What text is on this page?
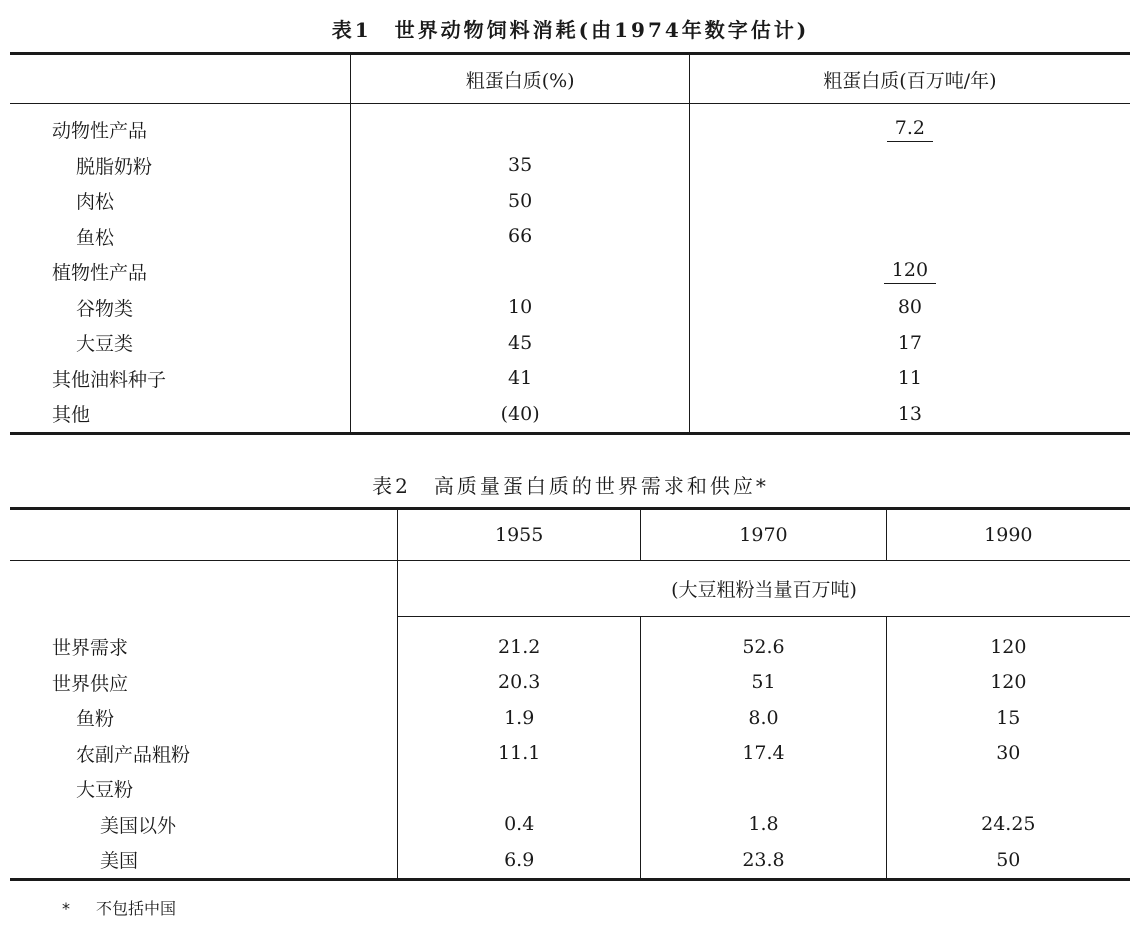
表1　世界动物饲料消耗(由1974年数字估计)
	粗蛋白质(%)	粗蛋白质(百万吨/年)
动物性产品		7.2
脱脂奶粉	35	
肉松	50	
鱼松	66	
植物性产品		120
谷物类	10	80
大豆类	45	17
其他油料种子	41	11
其他	(40)	13
表2　高质量蛋白质的世界需求和供应*
	1955	1970	1990
	(大豆粗粉当量百万吨)		

世界需求	21.2	52.6	120
世界供应	20.3	51	120
鱼粉	1.9	8.0	15
农副产品粗粉	11.1	17.4	30
大豆粉			
美国以外	0.4	1.8	24.25
美国	6.9	23.8	50
* 不包括中国
